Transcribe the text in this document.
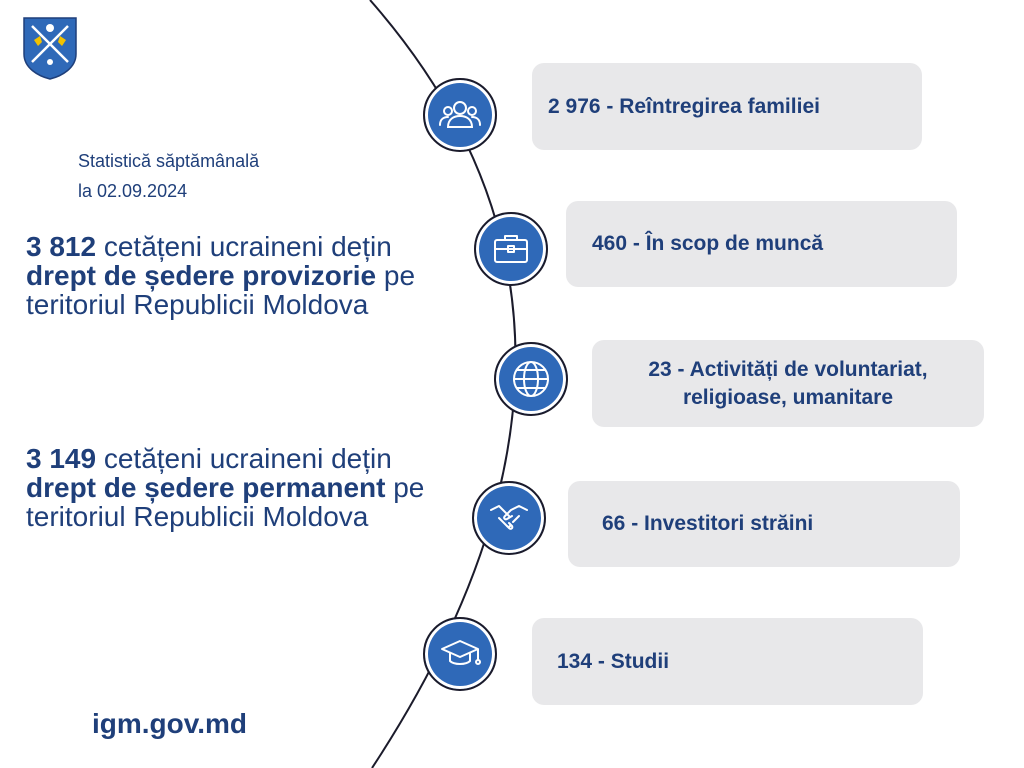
Statistică săptămânală
la 02.09.2024
3 812 cetățeni ucraineni dețin drept de ședere provizorie pe teritoriul Republicii Moldova
3 149 cetățeni ucraineni dețin drept de ședere permanent pe teritoriul Republicii Moldova
igm.gov.md
2 976 - Reîntregirea familiei
460 - În scop de muncă
23 - Activități de voluntariat,
religioase, umanitare
66 - Investitori străini
134 - Studii
